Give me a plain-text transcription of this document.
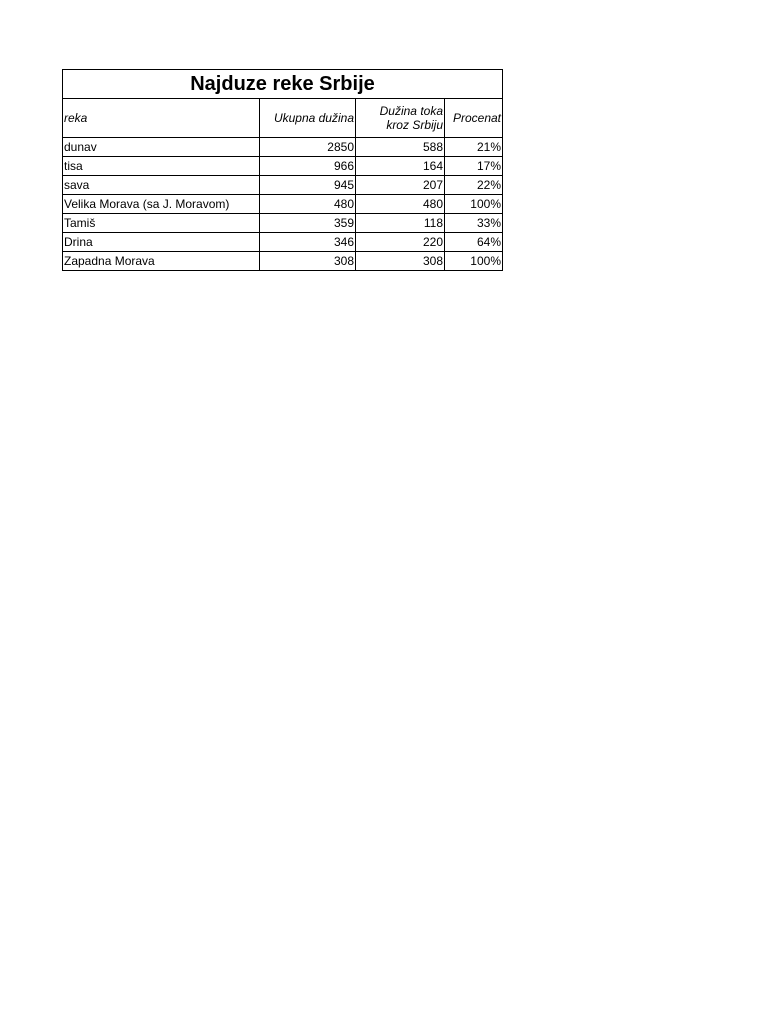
Najduze reke Srbije			
reka	Ukupna dužina	Dužina toka kroz Srbiju	Procenat
dunav	2850	588	21%
tisa	966	164	17%
sava	945	207	22%
Velika Morava (sa J. Moravom)	480	480	100%
Tamiš	359	118	33%
Drina	346	220	64%
Zapadna Morava	308	308	100%
